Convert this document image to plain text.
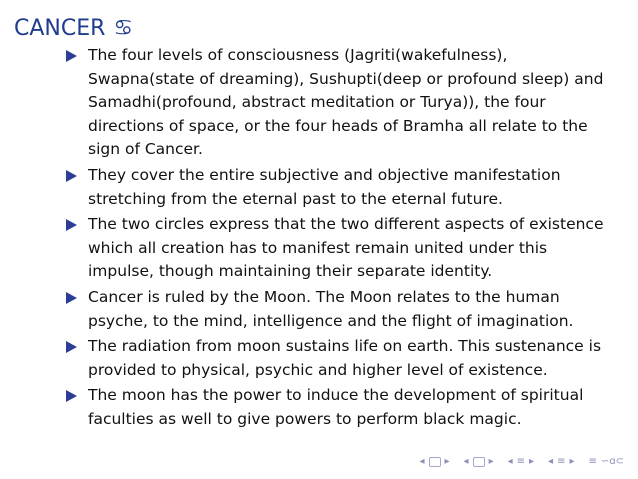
CANCER ♋
The four levels of consciousness (Jagriti(wakefulness), Swapna(state of dreaming), Sushupti(deep or profound sleep) and Samadhi(profound, abstract meditation or Turya)), the four directions of space, or the four heads of Bramha all relate to the sign of Cancer.
They cover the entire subjective and objective manifestation stretching from the eternal past to the eternal future.
The two circles express that the two different aspects of existence which all creation has to manifest remain united under this impulse, though maintaining their separate identity.
Cancer is ruled by the Moon. The Moon relates to the human psyche, to the mind, intelligence and the flight of imagination.
The radiation from moon sustains life on earth. This sustenance is provided to physical, psychic and higher level of existence.
The moon has the power to induce the development of spiritual faculties as well to give powers to perform black magic.
◂ ▸ ◂ ▸ ◂ ≡ ▸ ◂ ≡ ▸ ≡ ∽ɑ⊂
